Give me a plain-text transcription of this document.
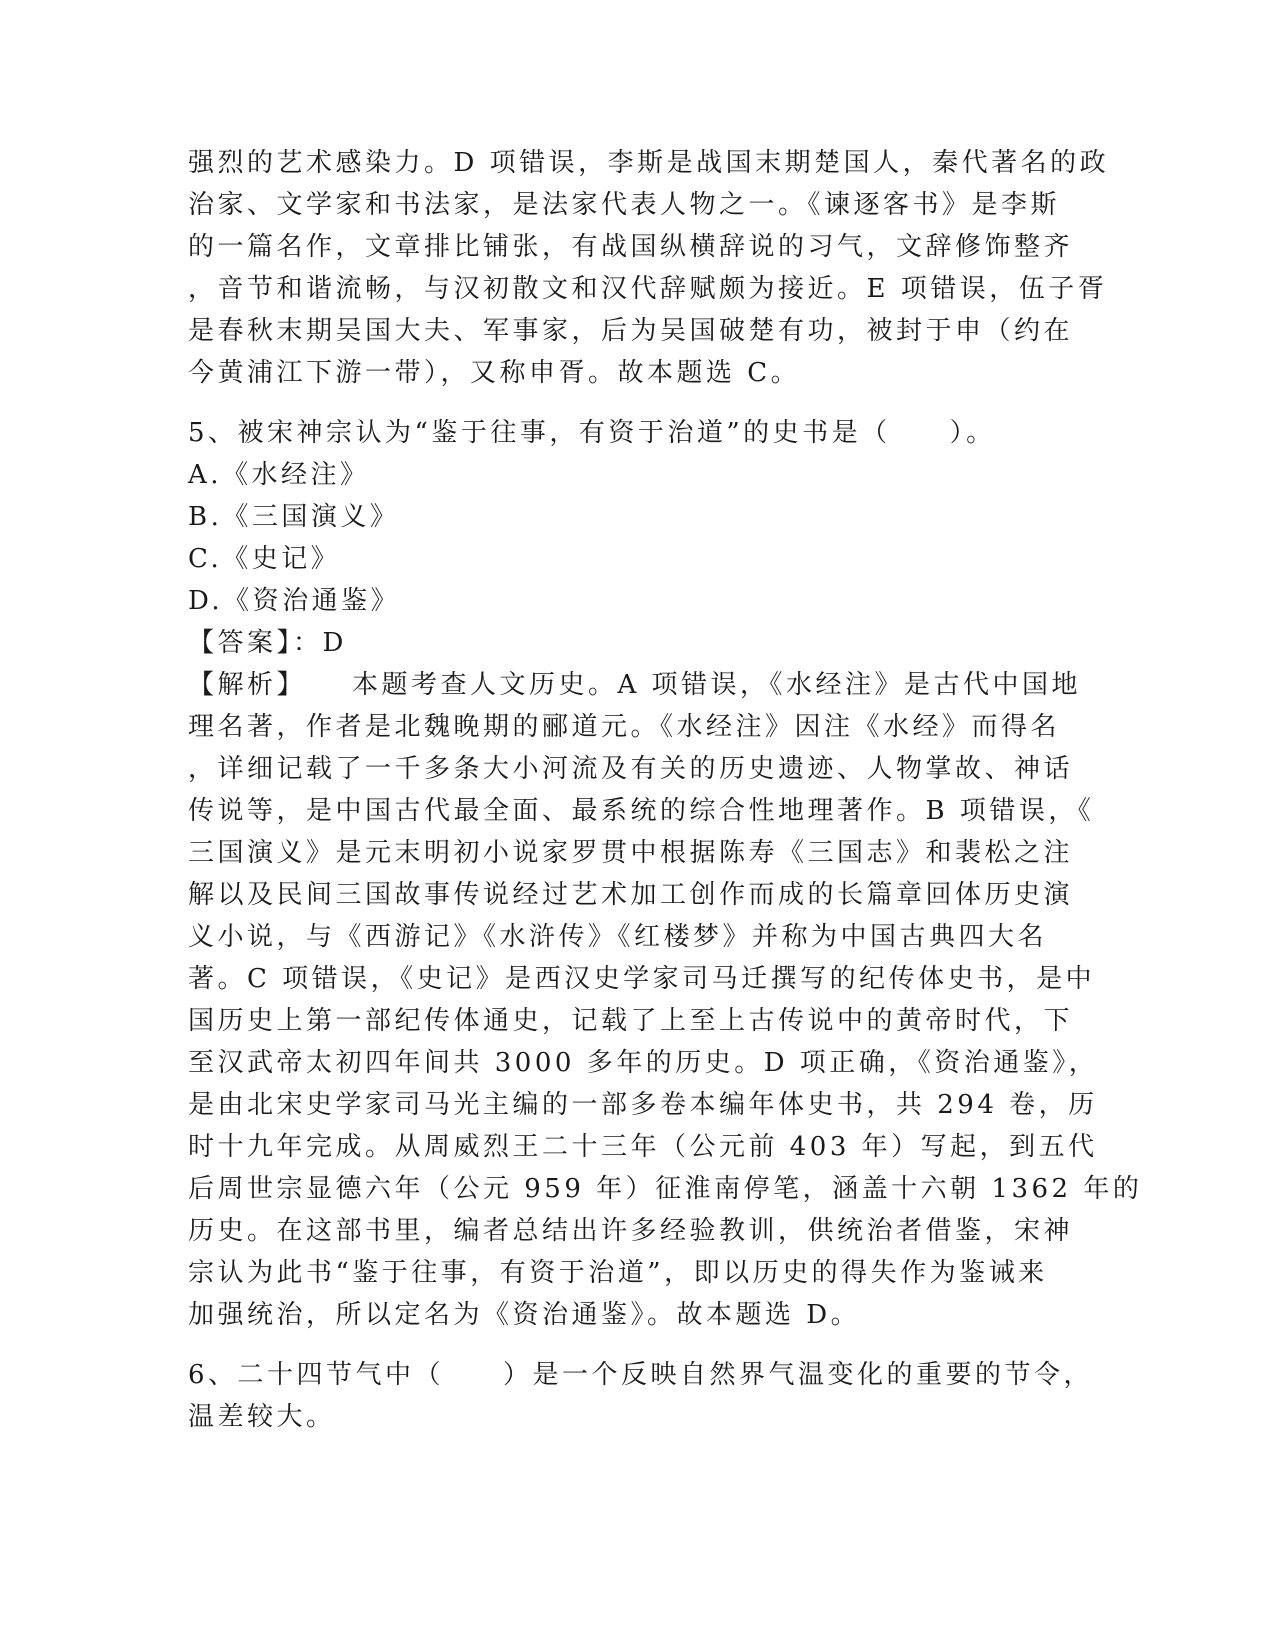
强烈的艺术感染力。D 项错误，李斯是战国末期楚国人，秦代著名的政
治家、文学家和书法家，是法家代表人物之一。《谏逐客书》是李斯
的一篇名作，文章排比铺张，有战国纵横辞说的习气，文辞修饰整齐
，音节和谐流畅，与汉初散文和汉代辞赋颇为接近。E 项错误，伍子胥
是春秋末期吴国大夫、军事家，后为吴国破楚有功，被封于申（约在
今黄浦江下游一带），又称申胥。故本题选 C。
5、被宋神宗认为“鉴于往事，有资于治道”的史书是（　　）。
A.《水经注》
B.《三国演义》
C.《史记》
D.《资治通鉴》
【答案】：D
【解析】 本题考查人文历史。A 项错误，《水经注》是古代中国地
理名著，作者是北魏晚期的郦道元。《水经注》因注《水经》而得名
，详细记载了一千多条大小河流及有关的历史遗迹、人物掌故、神话
传说等，是中国古代最全面、最系统的综合性地理著作。B 项错误，《
三国演义》是元末明初小说家罗贯中根据陈寿《三国志》和裴松之注
解以及民间三国故事传说经过艺术加工创作而成的长篇章回体历史演
义小说，与《西游记》《水浒传》《红楼梦》并称为中国古典四大名
著。C 项错误，《史记》是西汉史学家司马迁撰写的纪传体史书，是中
国历史上第一部纪传体通史，记载了上至上古传说中的黄帝时代，下
至汉武帝太初四年间共 3000 多年的历史。D 项正确，《资治通鉴》，
是由北宋史学家司马光主编的一部多卷本编年体史书，共 294 卷，历
时十九年完成。从周威烈王二十三年（公元前 403 年）写起，到五代
后周世宗显德六年（公元 959 年）征淮南停笔，涵盖十六朝 1362 年的
历史。在这部书里，编者总结出许多经验教训，供统治者借鉴，宋神
宗认为此书“鉴于往事，有资于治道”，即以历史的得失作为鉴诫来
加强统治，所以定名为《资治通鉴》。故本题选 D。
6、二十四节气中（　　）是一个反映自然界气温变化的重要的节令，
温差较大。
